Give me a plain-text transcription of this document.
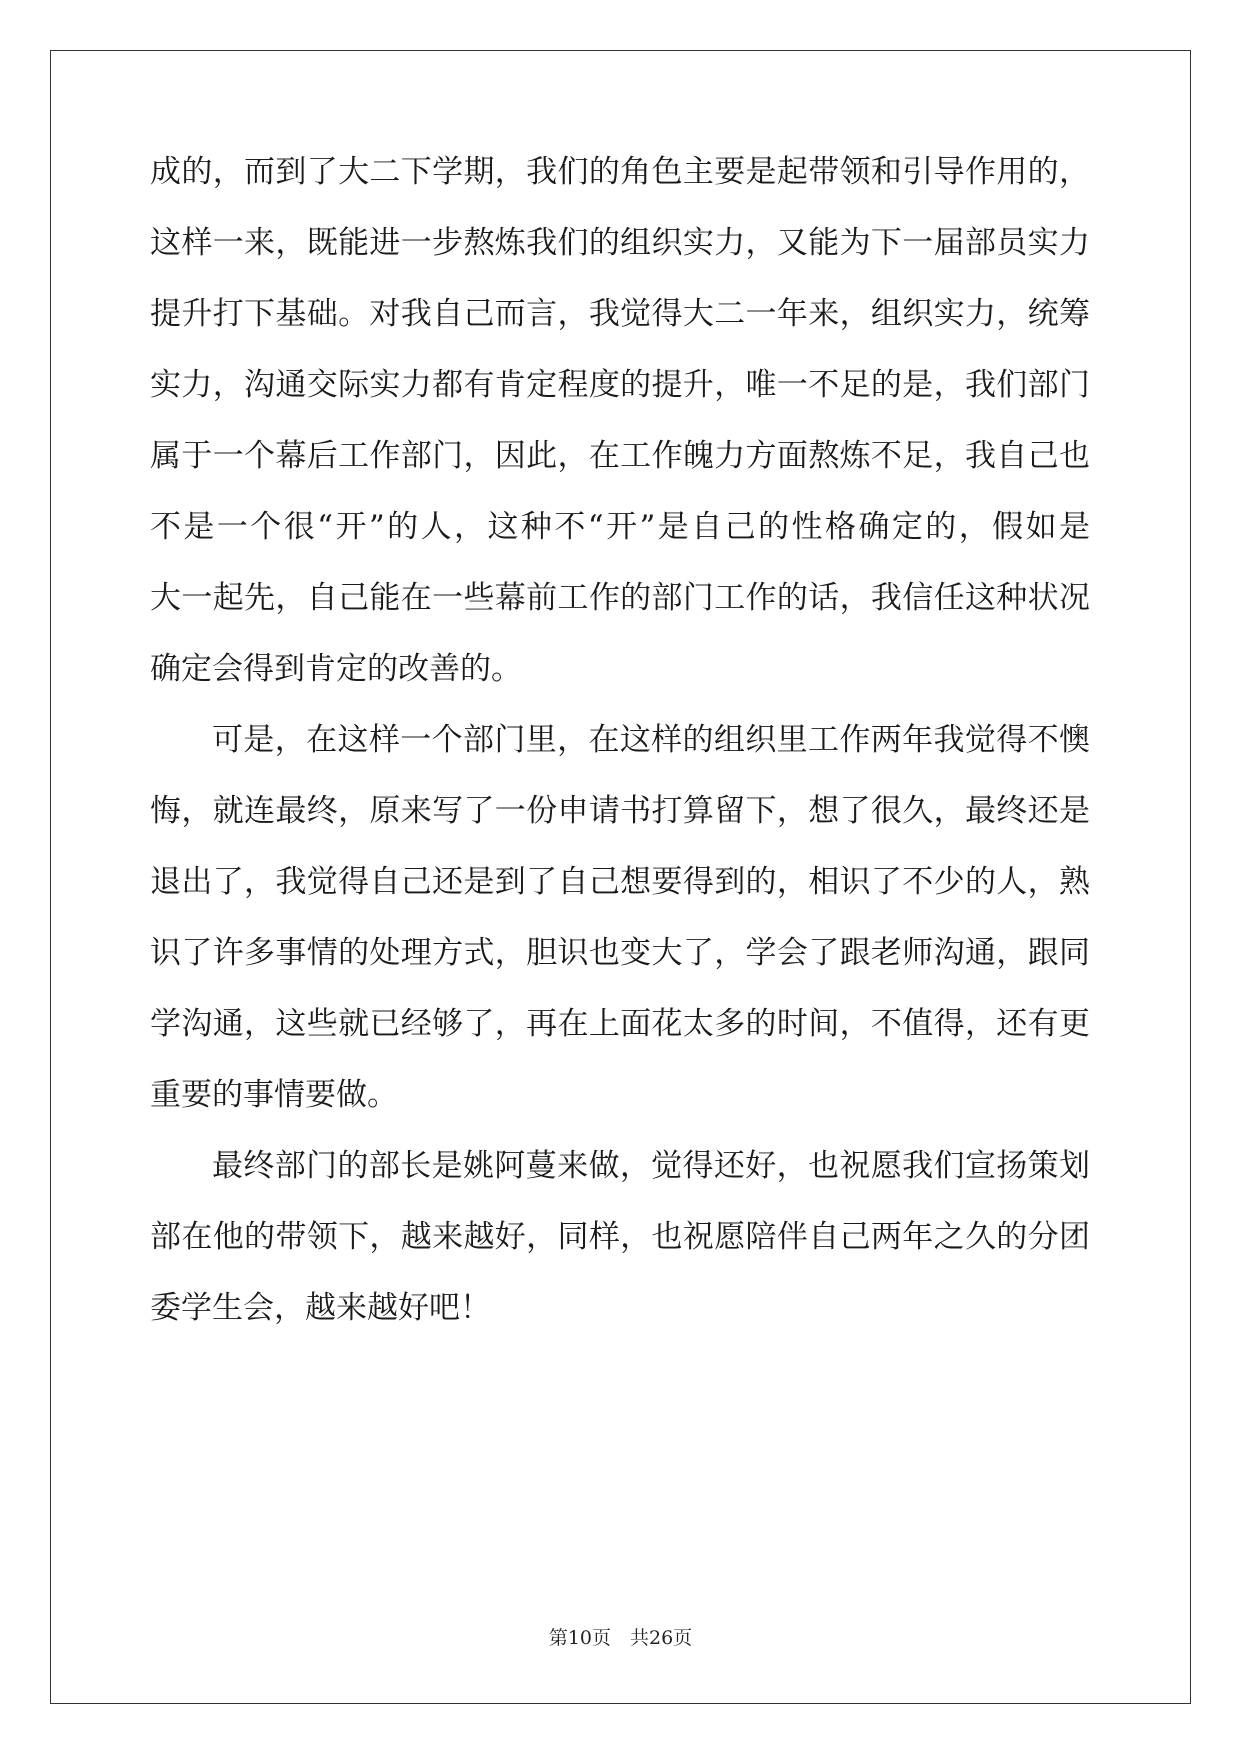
成的，而到了大二下学期，我们的角色主要是起带领和引导作用的，
这样一来，既能进一步熬炼我们的组织实力，又能为下一届部员实力
提升打下基础。对我自己而言，我觉得大二一年来，组织实力，统筹
实力，沟通交际实力都有肯定程度的提升，唯一不足的是，我们部门
属于一个幕后工作部门，因此，在工作魄力方面熬炼不足，我自己也
不是一个很“开”的人，这种不“开”是自己的性格确定的，假如是
大一起先，自己能在一些幕前工作的部门工作的话，我信任这种状况
确定会得到肯定的改善的。
可是，在这样一个部门里，在这样的组织里工作两年我觉得不懊
悔，就连最终，原来写了一份申请书打算留下，想了很久，最终还是
退出了，我觉得自己还是到了自己想要得到的，相识了不少的人，熟
识了许多事情的处理方式，胆识也变大了，学会了跟老师沟通，跟同
学沟通，这些就已经够了，再在上面花太多的时间，不值得，还有更
重要的事情要做。
最终部门的部长是姚阿蔓来做，觉得还好，也祝愿我们宣扬策划
部在他的带领下，越来越好，同样，也祝愿陪伴自己两年之久的分团
委学生会，越来越好吧！
第10页　共26页
